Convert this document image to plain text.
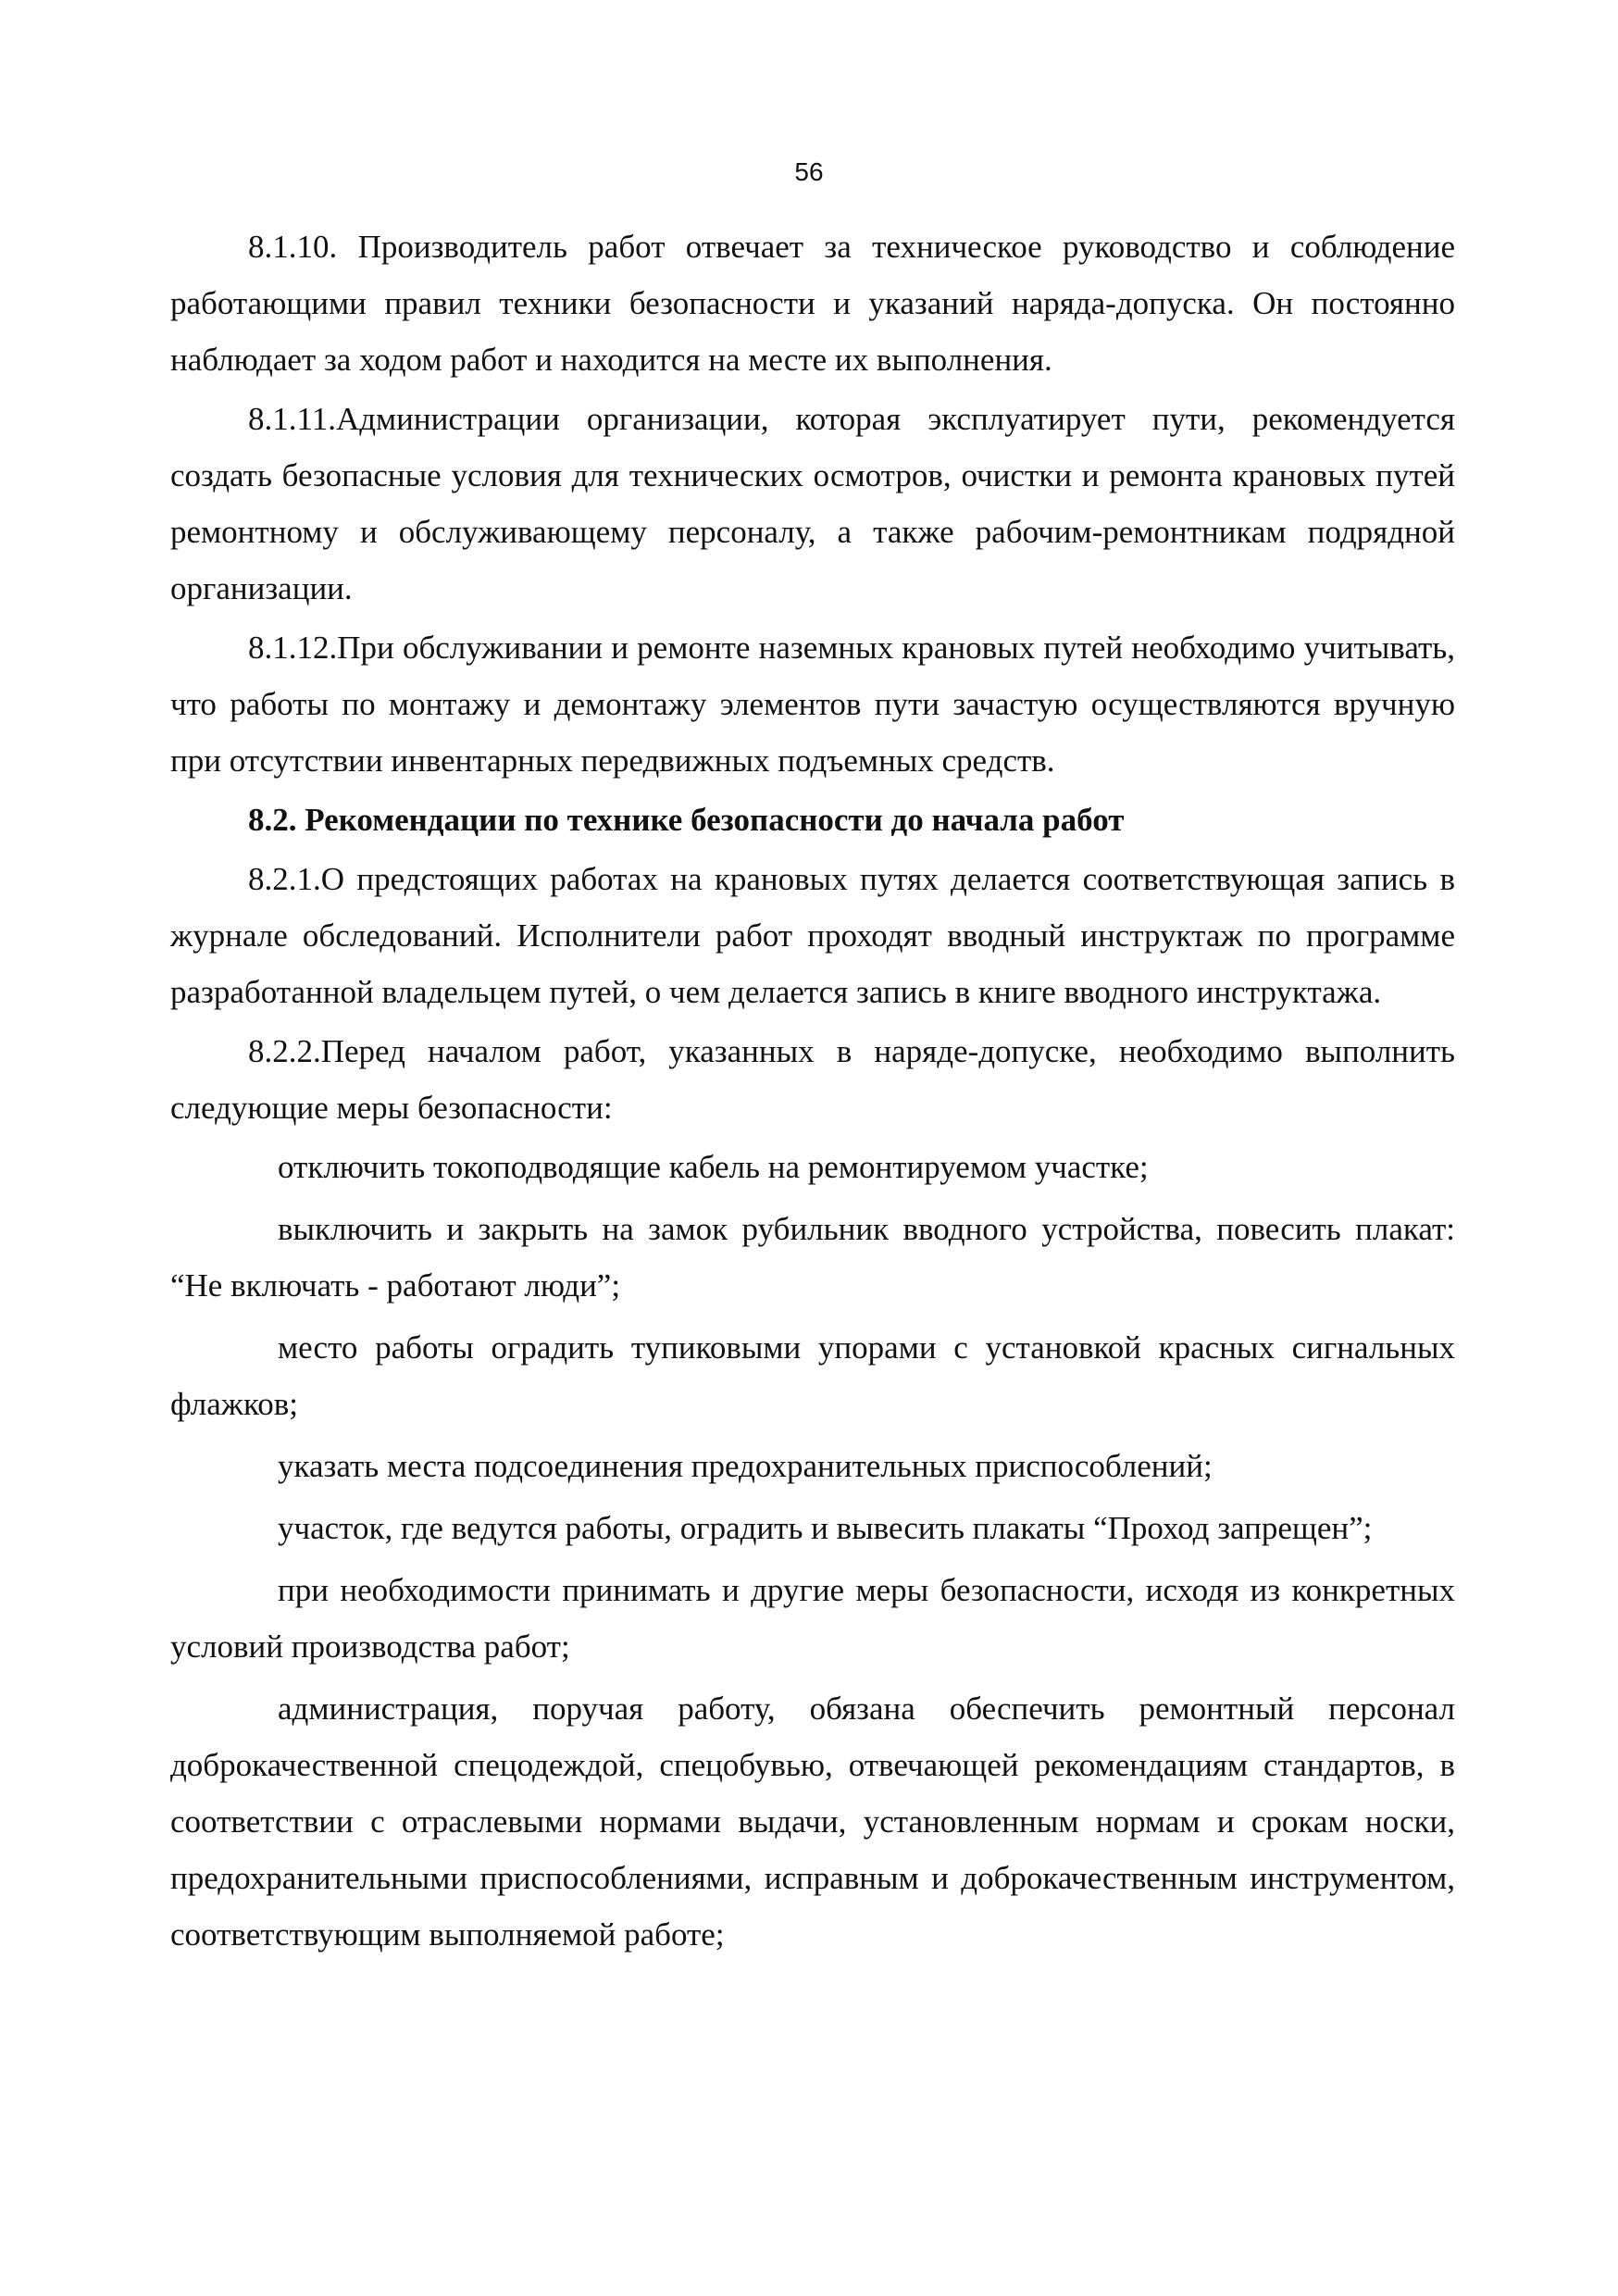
56

8.1.10. Производитель работ отвечает за техническое руководство и соблюдение работающими правил техники безопасности и указаний наряда-допуска. Он постоянно наблюдает за ходом работ и находится на месте их выполнения.

8.1.11.Администрации организации, которая эксплуатирует пути, рекомендуется создать безопасные условия для технических осмотров, очистки и ремонта крановых путей ремонтному и обслуживающему персоналу, а также рабочим-ремонтникам подрядной организации.

8.1.12.При обслуживании и ремонте наземных крановых путей необходимо учитывать, что работы по монтажу и демонтажу элементов пути зачастую осуществляются вручную при отсутствии инвентарных передвижных подъемных средств.

8.2. Рекомендации по технике безопасности до начала работ

8.2.1.О предстоящих работах на крановых путях делается соответствующая запись в журнале обследований. Исполнители работ проходят вводный инструктаж по программе разработанной владельцем путей, о чем делается запись в книге вводного инструктажа.

8.2.2.Перед началом работ, указанных в наряде-допуске, необходимо выполнить следующие меры безопасности:

отключить токоподводящие кабель на ремонтируемом участке;

выключить и закрыть на замок рубильник вводного устройства, повесить плакат: “Не включать - работают люди”;

место работы оградить тупиковыми упорами с установкой красных сигнальных флажков;

указать места подсоединения предохранительных приспособлений;

участок, где ведутся работы, оградить и вывесить плакаты “Проход запрещен”;

при необходимости принимать и другие меры безопасности, исходя из конкретных условий производства работ;

администрация, поручая работу, обязана обеспечить ремонтный персонал доброкачественной спецодеждой, спецобувью, отвечающей рекомендациям стандартов, в соответствии с отраслевыми нормами выдачи, установленным нормам и срокам носки, предохранительными приспособлениями, исправным и доброкачественным инструментом, соответствующим выполняемой работе;
